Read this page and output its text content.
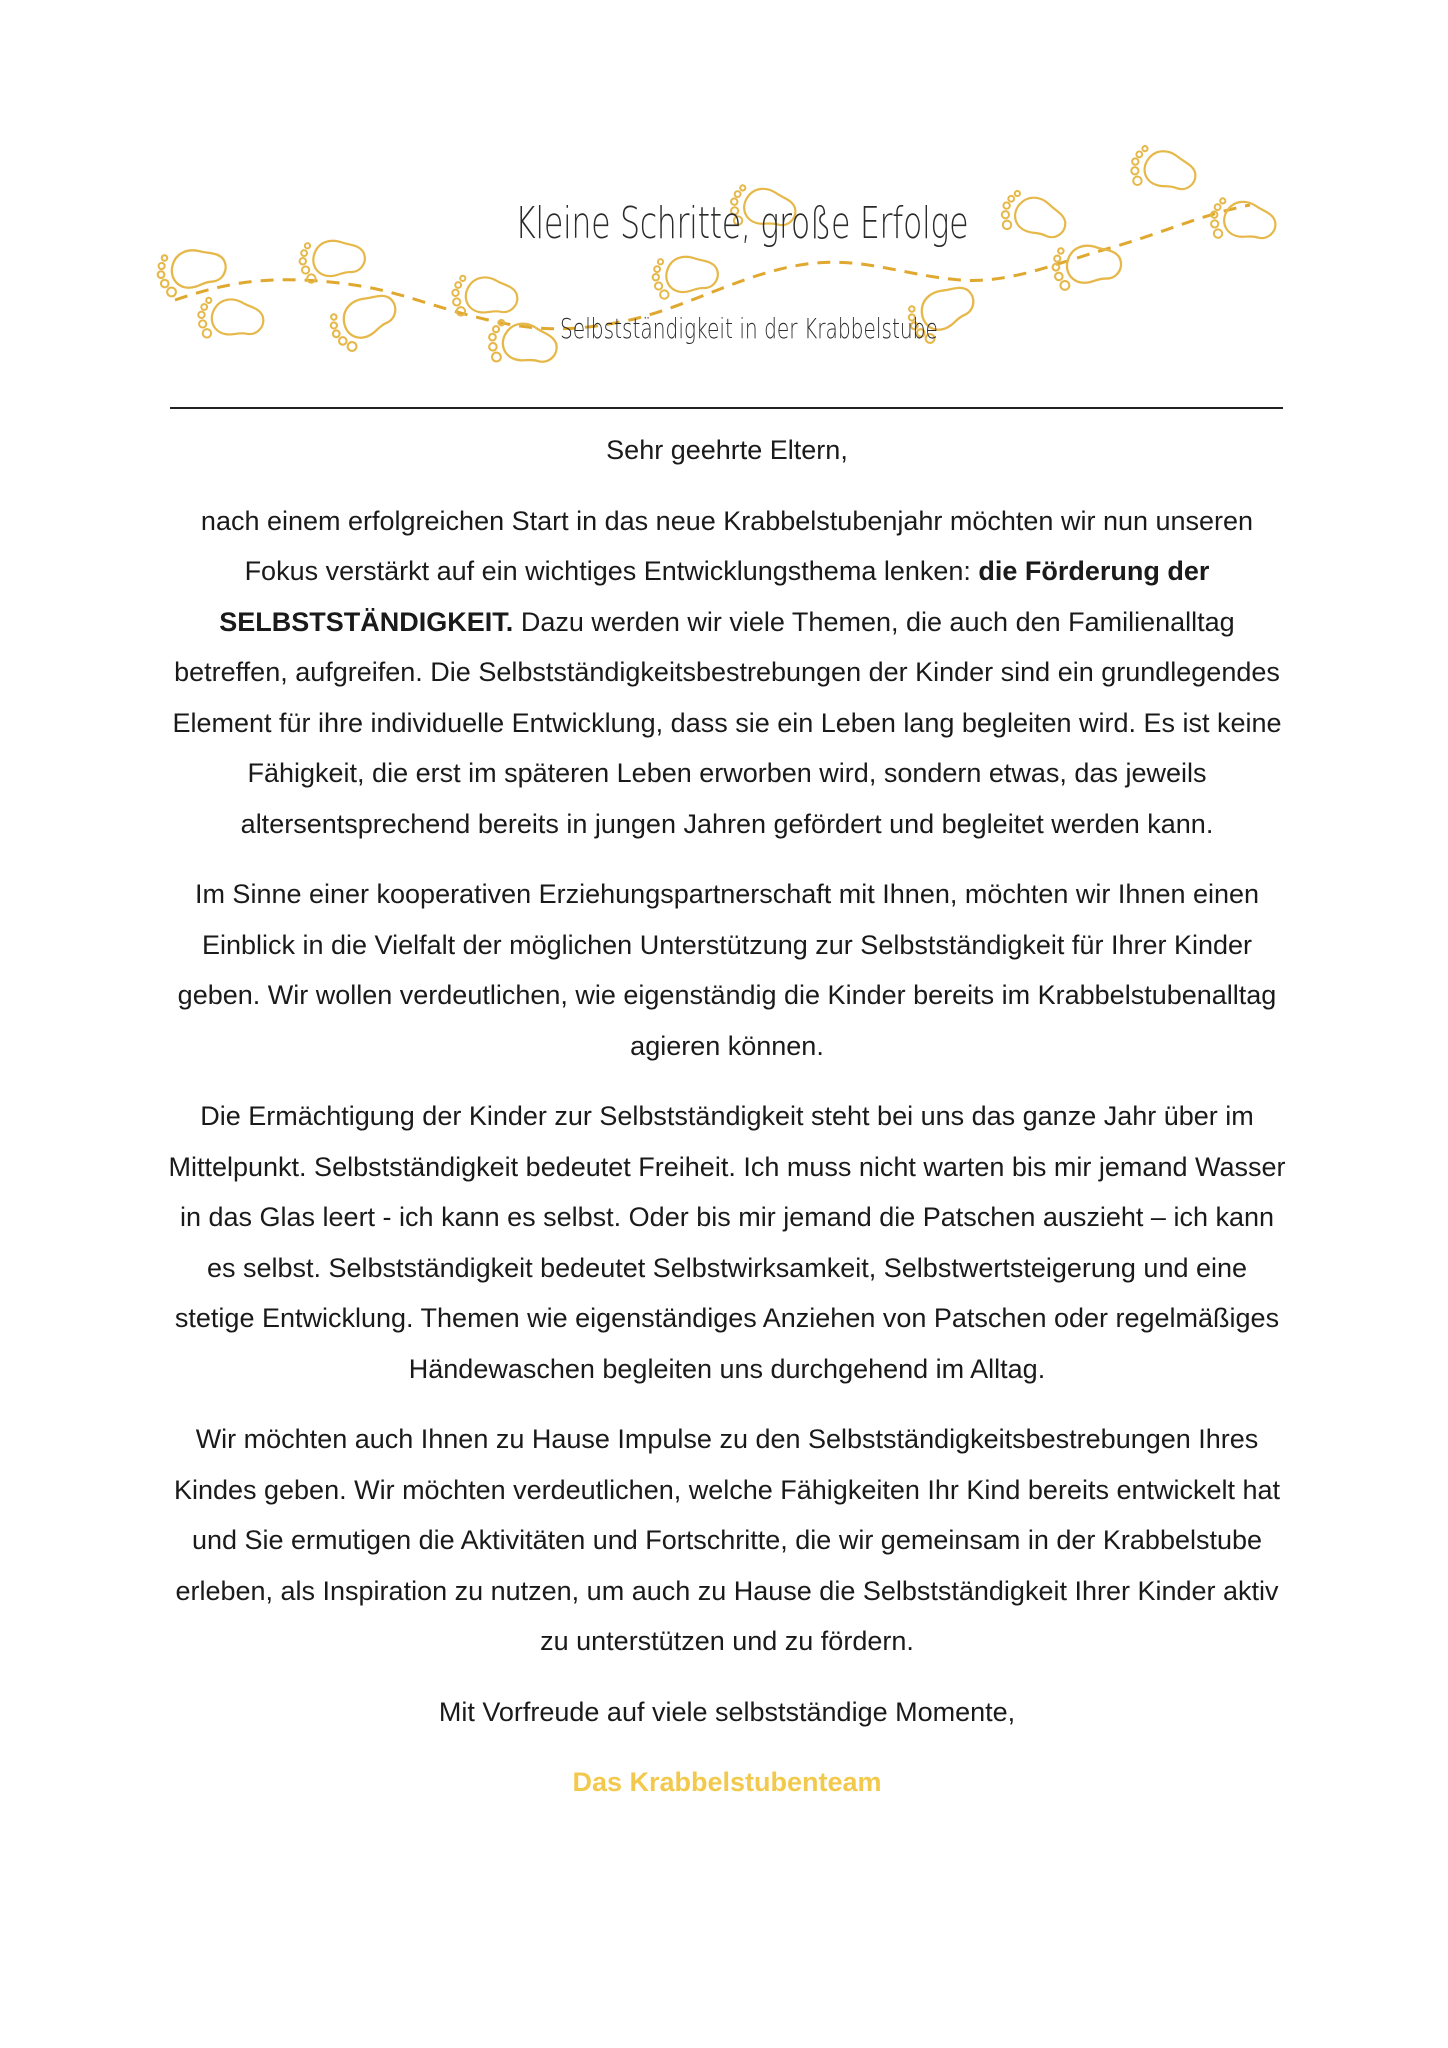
Kleine Schritte, große Erfolge
Selbstständigkeit in der Krabbelstube

Sehr geehrte Eltern,

nach einem erfolgreichen Start in das neue Krabbelstubenjahr möchten wir nun unseren Fokus verstärkt auf ein wichtiges Entwicklungsthema lenken: die Förderung der SELBSTSTÄNDIGKEIT. Dazu werden wir viele Themen, die auch den Familienalltag betreffen, aufgreifen. Die Selbstständigkeitsbestrebungen der Kinder sind ein grundlegendes Element für ihre individuelle Entwicklung, dass sie ein Leben lang begleiten wird. Es ist keine Fähigkeit, die erst im späteren Leben erworben wird, sondern etwas, das jeweils altersentsprechend bereits in jungen Jahren gefördert und begleitet werden kann.

Im Sinne einer kooperativen Erziehungspartnerschaft mit Ihnen, möchten wir Ihnen einen Einblick in die Vielfalt der möglichen Unterstützung zur Selbstständigkeit für Ihrer Kinder geben. Wir wollen verdeutlichen, wie eigenständig die Kinder bereits im Krabbelstubenalltag agieren können.

Die Ermächtigung der Kinder zur Selbstständigkeit steht bei uns das ganze Jahr über im Mittelpunkt. Selbstständigkeit bedeutet Freiheit. Ich muss nicht warten bis mir jemand Wasser in das Glas leert - ich kann es selbst. Oder bis mir jemand die Patschen auszieht – ich kann es selbst. Selbstständigkeit bedeutet Selbstwirksamkeit, Selbstwertsteigerung und eine stetige Entwicklung. Themen wie eigenständiges Anziehen von Patschen oder regelmäßiges Händewaschen begleiten uns durchgehend im Alltag.

Wir möchten auch Ihnen zu Hause Impulse zu den Selbstständigkeitsbestrebungen Ihres Kindes geben. Wir möchten verdeutlichen, welche Fähigkeiten Ihr Kind bereits entwickelt hat und Sie ermutigen die Aktivitäten und Fortschritte, die wir gemeinsam in der Krabbelstube erleben, als Inspiration zu nutzen, um auch zu Hause die Selbstständigkeit Ihrer Kinder aktiv zu unterstützen und zu fördern.

Mit Vorfreude auf viele selbstständige Momente,

Das Krabbelstubenteam
